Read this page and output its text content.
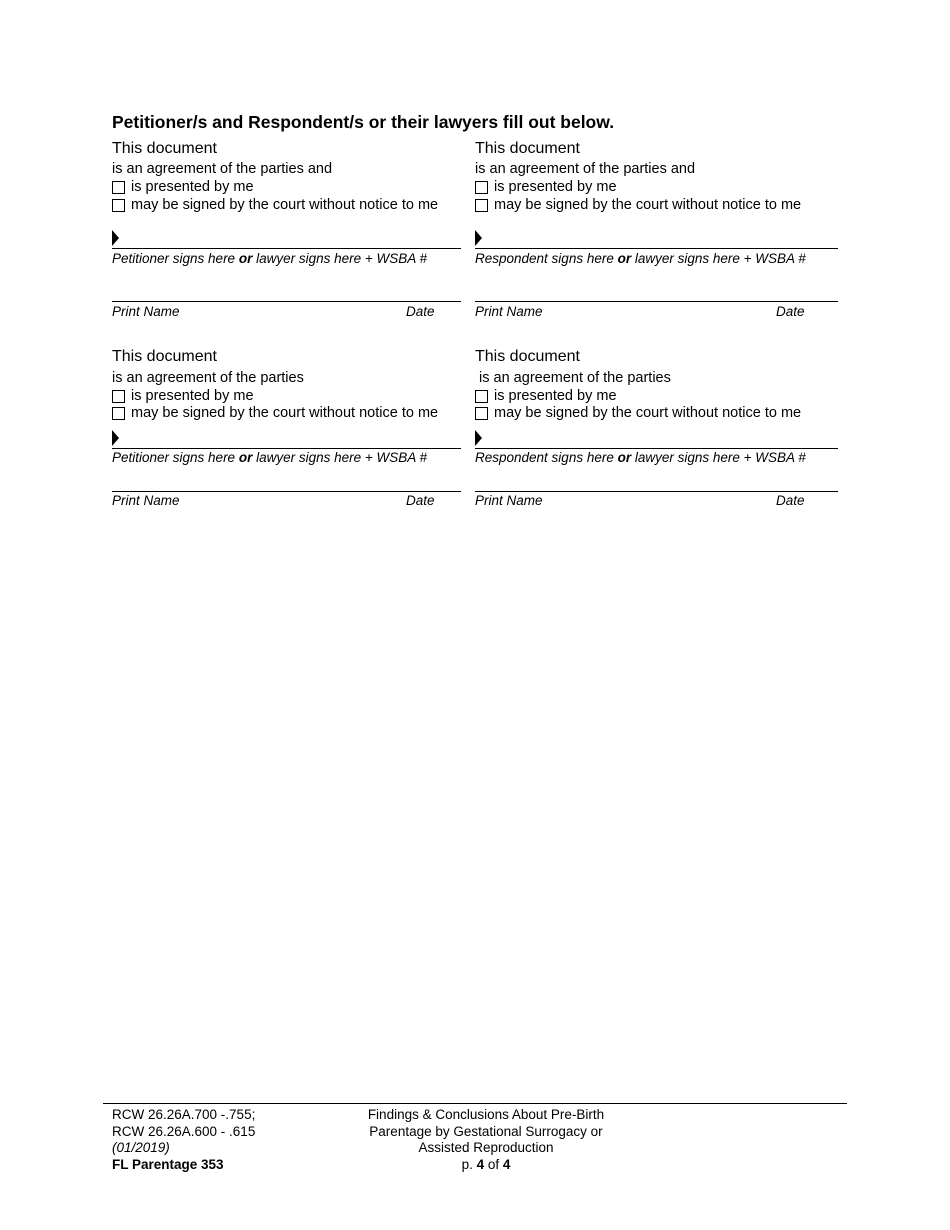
Petitioner/s and Respondent/s or their lawyers fill out below.
This document
is an agreement of the parties and
is presented by me
may be signed by the court without notice to me
Petitioner signs here or lawyer signs here + WSBA #
Print Name	Date
This document
is an agreement of the parties and
is presented by me
may be signed by the court without notice to me
Respondent signs here or lawyer signs here + WSBA #
Print Name	Date
This document
is an agreement of the parties
is presented by me
may be signed by the court without notice to me
Petitioner signs here or lawyer signs here + WSBA #
Print Name	Date
This document
is an agreement of the parties
is presented by me
may be signed by the court without notice to me
Respondent signs here or lawyer signs here + WSBA #
Print Name	Date
RCW 26.26A.700 -.755;
RCW 26.26A.600 - .615
(01/2019)
FL Parentage 353
Findings & Conclusions About Pre-Birth
Parentage by Gestational Surrogacy or
Assisted Reproduction
p. 4 of 4
